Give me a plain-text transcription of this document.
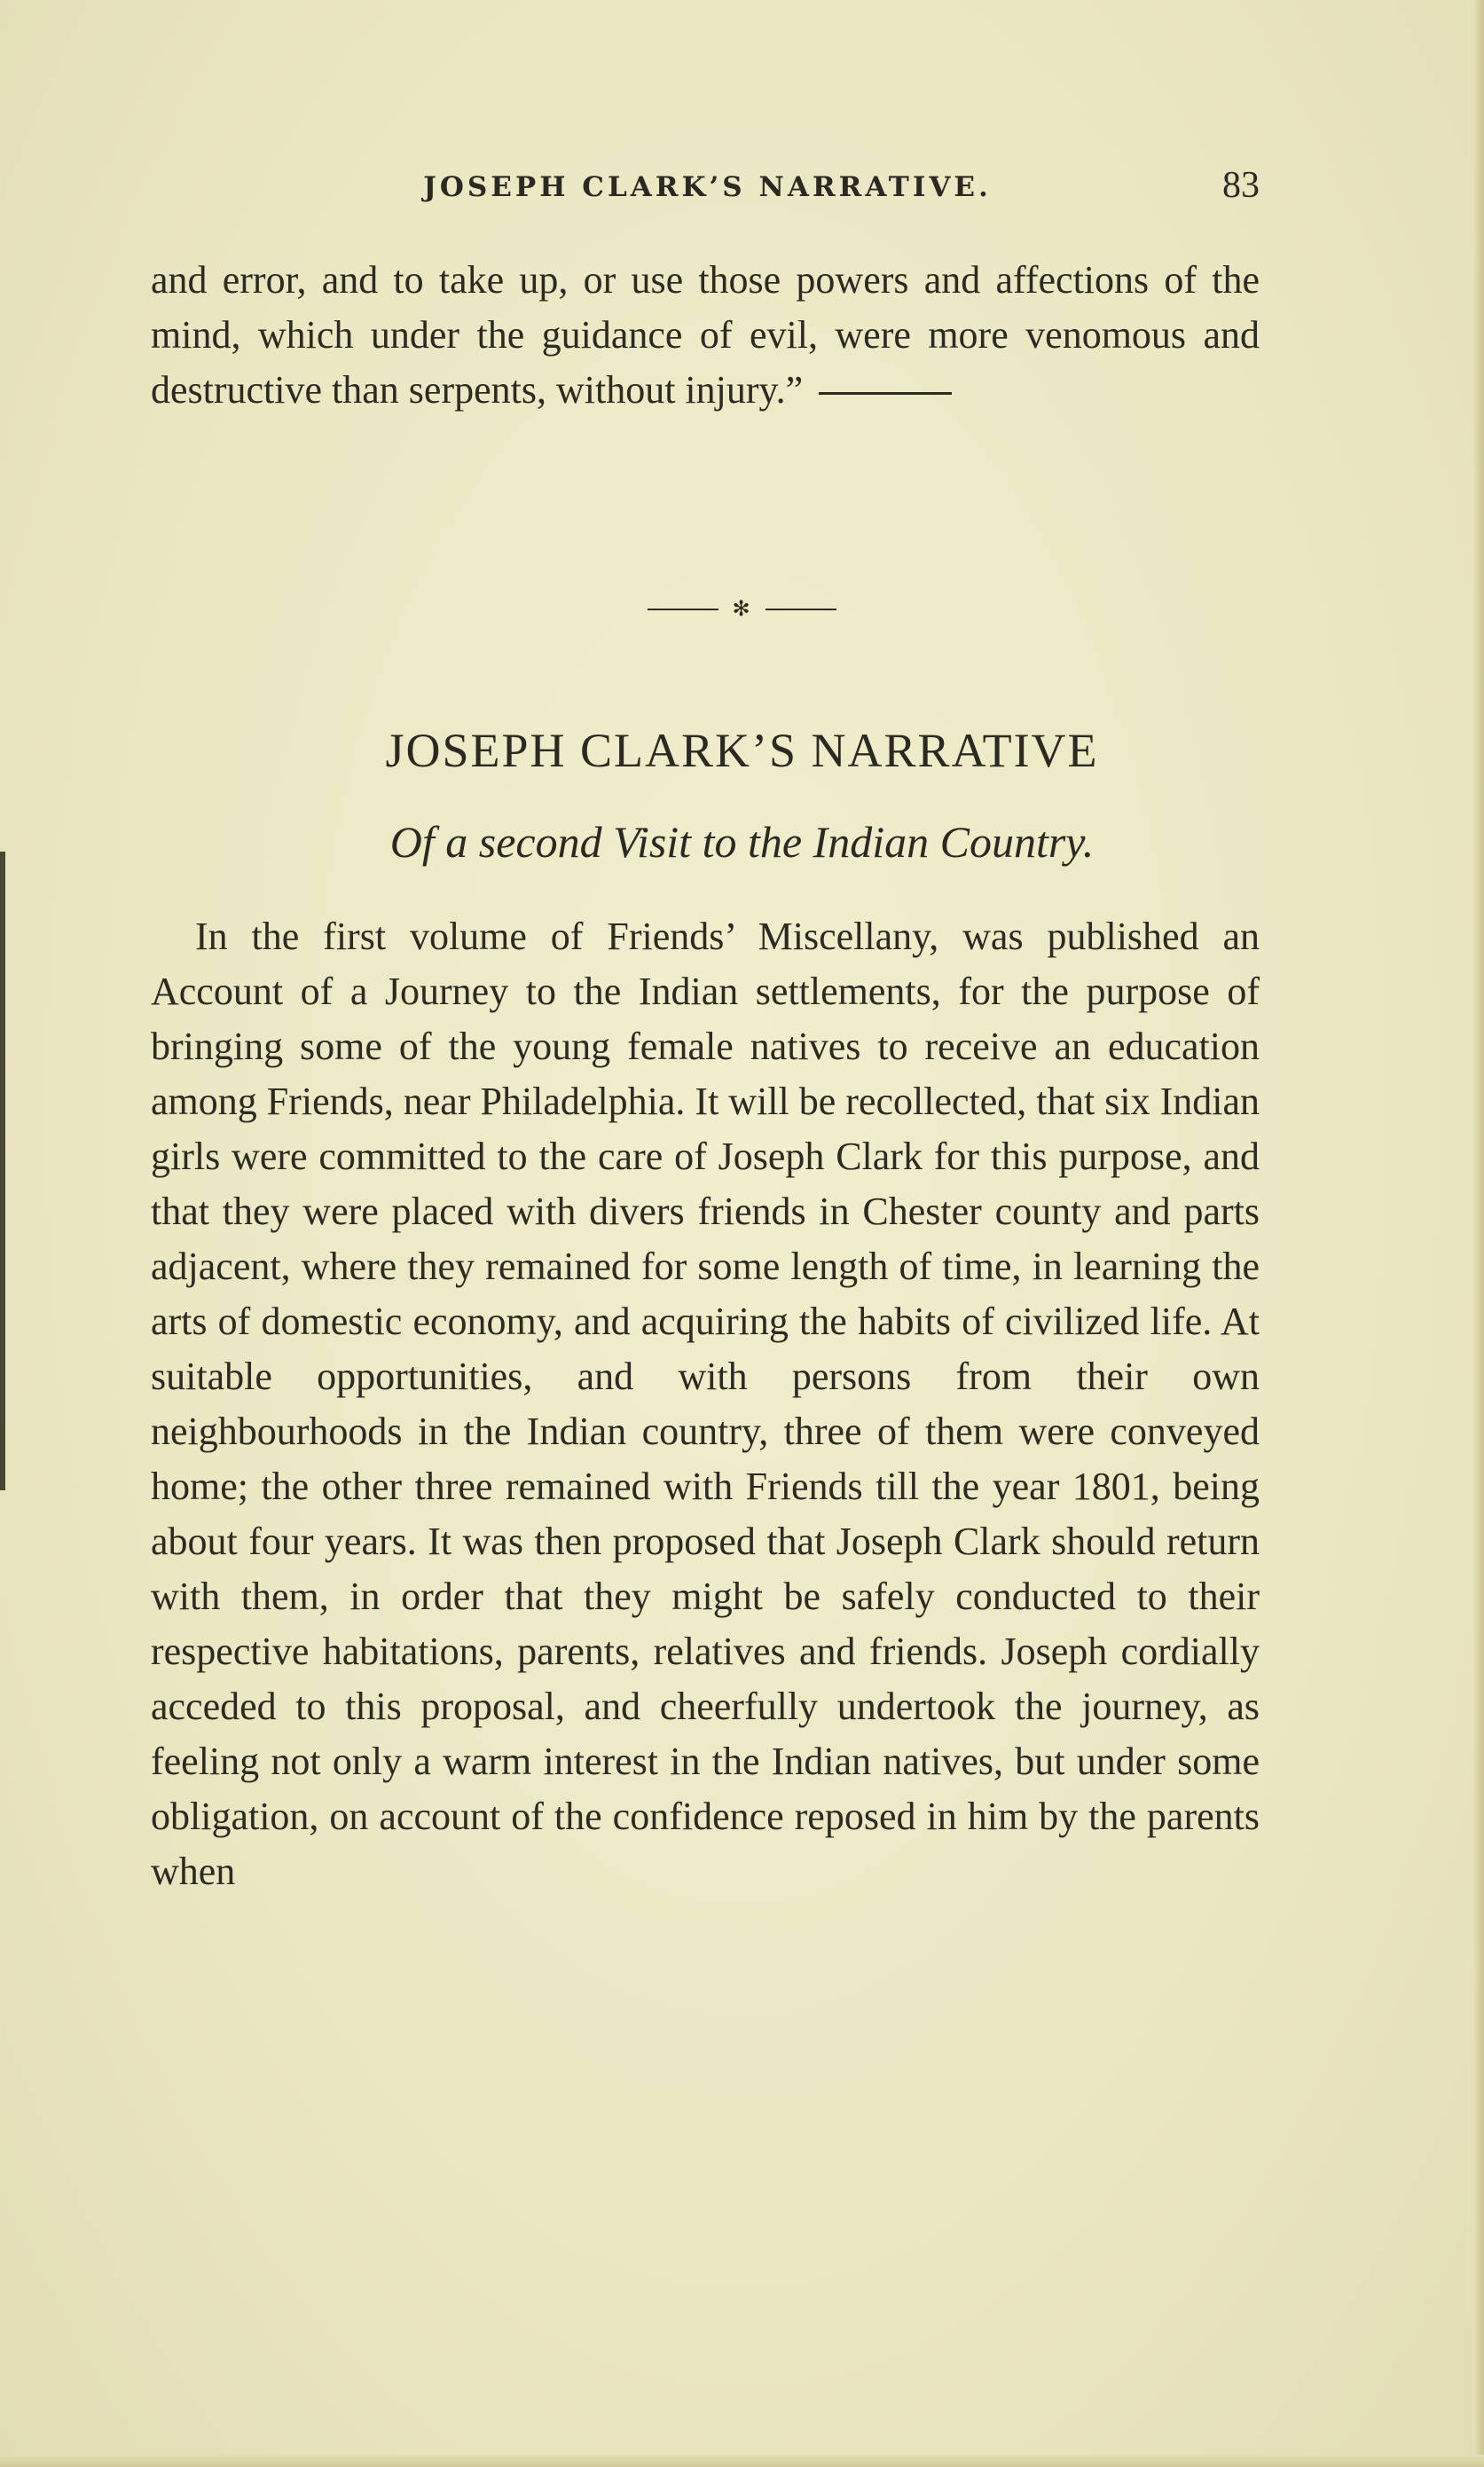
JOSEPH CLARK’S NARRATIVE.	83

and error, and to take up, or use those powers and affections of the mind, which under the guidance of evil, were more venomous and destructive than serpents, without injury.”

✻
JOSEPH CLARK’S NARRATIVE
Of a second Visit to the Indian Country.

In the first volume of Friends’ Miscellany, was published an Account of a Journey to the Indian settlements, for the purpose of bringing some of the young female natives to receive an education among Friends, near Philadelphia. It will be recollected, that six Indian girls were committed to the care of Joseph Clark for this purpose, and that they were placed with divers friends in Chester county and parts adjacent, where they remained for some length of time, in learning the arts of domestic economy, and acquiring the habits of civilized life. At suitable opportunities, and with persons from their own neighbourhoods in the Indian country, three of them were conveyed home; the other three remained with Friends till the year 1801, being about four years. It was then proposed that Joseph Clark should return with them, in order that they might be safely conducted to their respective habitations, parents, relatives and friends. Joseph cordially acceded to this proposal, and cheerfully undertook the journey, as feeling not only a warm interest in the Indian natives, but under some obligation, on account of the confidence reposed in him by the parents when
